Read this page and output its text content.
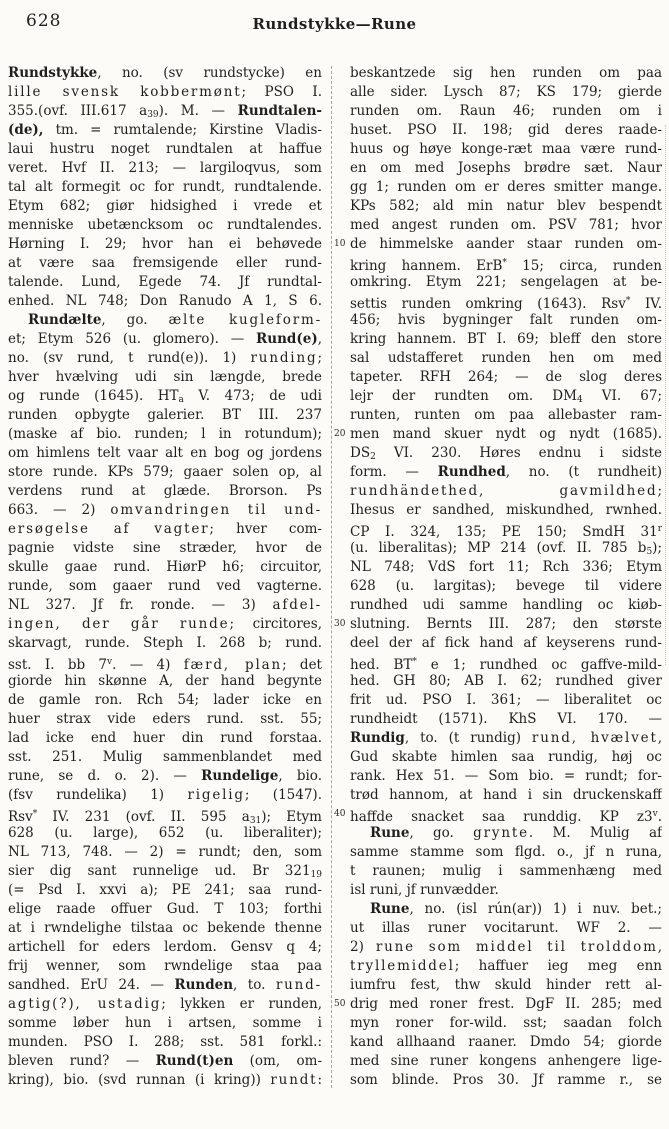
628	Rundstykke—Rune
Rundstykke, no. (sv rundstycke) en
lille svensk kobbermønt; PSO I.
355.(ovf. III.617 $a_{39}$). M. — Rundtalen-
(de), tm. = rumtalende; Kirstine Vladis-
laui hustru noget rundtalen at haffue
veret. Hvf II. 213; — largiloqvus, som
tal alt formegit oc for rundt, rundtalende.
Etym 682; giør hidsighed i vrede et
menniske ubetæncksom oc rundtalendes.
Hørning I. 29; hvor han ei behøvede
at være saa fremsigende eller rund-
talende. Lund, Egede 74. Jf rundtal-
enhed. NL 748; Don Ranudo A 1, S 6.
Rundælte, go. ælte kugleform-
et; Etym 526 (u. glomero). — Rund(e),
no. (sv rund, t rund(e)). 1) runding;
hver hvælving udi sin længde, brede
og runde (1645). $HT_a$ V. 473; de udi
runden opbygte galerier. BT III. 237
(maske af bio. runden; l in rotundum);
om himlens telt vaar alt en bog og jordens
store runde. KPs 579; gaaer solen op, al
verdens rund at glæde. Brorson. Ps
663. — 2) omvandringen til und-
ersøgelse af vagter; hver com-
pagnie vidste sine stræder, hvor de
skulle gaae rund. HiørP h6; circuitor,
runde, som gaaer rund ved vagterne.
NL 327. Jf fr. ronde. — 3) afdel-
ingen, der går runde; circitores,
skarvagt, runde. Steph I. 268 b; rund.
sst. I. bb 7$^v$. — 4) færd, plan; det
giorde hin skønne A, der hand begynte
de gamle ron. Rch 54; lader icke en
huer strax vide eders rund. sst. 55;
lad icke end huer din rund forstaa.
sst. 251. Mulig sammenblandet med
rune, se d. o. 2). — Rundelige, bio.
(fsv rundelika) 1) rigelig; (1547).
Rsv* IV. 231 (ovf. II. 595 $a_{31}$); Etym
628 (u. large), 652 (u. liberaliter);
NL 713, 748. — 2) = rundt; den, som
sier dig sant runnelige ud. Br $321_{19}$
(= Psd I. xxvi a); PE 241; saa rund-
elige raade offuer Gud. T 103; forthi
at i rwndelighe tilstaa oc bekende thenne
artichell for eders lerdom. Gensv q 4;
frij wenner, som rwndelige staa paa
sandhed. ErU 24. — Runden, to. rund-
agtig(?), ustadig; lykken er runden,
somme løber hun i artsen, somme i
munden. PSO I. 288; sst. 581 forkl.:
bleven rund? — Rund(t)en (om, om-
kring), bio. (svd runnan (i kring)) rundt:
beskantzede sig hen runden om paa
alle sider. Lysch 87; KS 179; gierde
runden om. Raun 46; runden om i
huset. PSO II. 198; gid deres raade-
huus og høye konge-ræt maa være rund-
en om med Josephs brødre sæt. Naur
gg 1; runden om er deres smitter mange.
KPs 582; ald min natur blev bespendt
med angest runden om. PSV 781; hvor
de himmelske aander staar runden om-
kring hannem. ErB* 15; circa, runden
omkring. Etym 221; sengelagen at be-
settis runden omkring (1643). Rsv* IV.
456; hvis bygninger falt runden om-
kring hannem. BT I. 69; bleff den store
sal udstafferet runden hen om med
tapeter. RFH 264; — de slog deres
lejr der rundten om. $DM_4$ VI. 67;
runten, runten om paa allebaster ram-
men mand skuer nydt og nydt (1685).
$DS_2$ VI. 230. Høres endnu i sidste
form. — Rundhed, no. (t rundheit)
rundhändethed, gavmildhed;
Ihesus er sandhed, miskundhed, rwnhed.
CP I. 324, 135; PE 150; SmdH 31$^r$
(u. liberalitas); MP 214 (ovf. II. 785 $b_5$);
NL 748; VdS fort 11; Rch 336; Etym
628 (u. largitas); bevege til videre
rundhed udi samme handling oc kiøb-
slutning. Bernts III. 287; den største
deel der af fick hand af keyserens rund-
hed. BT* e 1; rundhed oc gaffve-mild-
hed. GH 80; AB I. 62; rundhed giver
frit ud. PSO I. 361; — liberalitet oc
rundheidt (1571). KhS VI. 170. —
Rundig, to. (t rundig) rund, hvælvet,
Gud skabte himlen saa rundig, høj oc
rank. Hex 51. — Som bio. = rundt; for-
trød hannom, at hand i sin druckenskaff
haffde snacket saa runddig. KP z3$^v$.
Rune, go. grynte. M. Mulig af
samme stamme som flgd. o., jf n runa,
t raunen; mulig i sammenhæng med
isl runi, jf runvædder.
Rune, no. (isl rún(ar)) 1) i nuv. bet.;
ut illas runer vocitarunt. WF 2. —
2) rune som middel til trolddom,
tryllemiddel; haffuer ieg meg enn
iumfru fest, thw skuld hinder rett al-
drig med roner frest. DgF II. 285; med
myn roner for-wild. sst; saadan folch
kand allhaand raaner. Dmdo 54; giorde
med sine runer kongens anhengere lige-
som blinde. Pros 30. Jf ramme r., se
10
20
30
40
50
